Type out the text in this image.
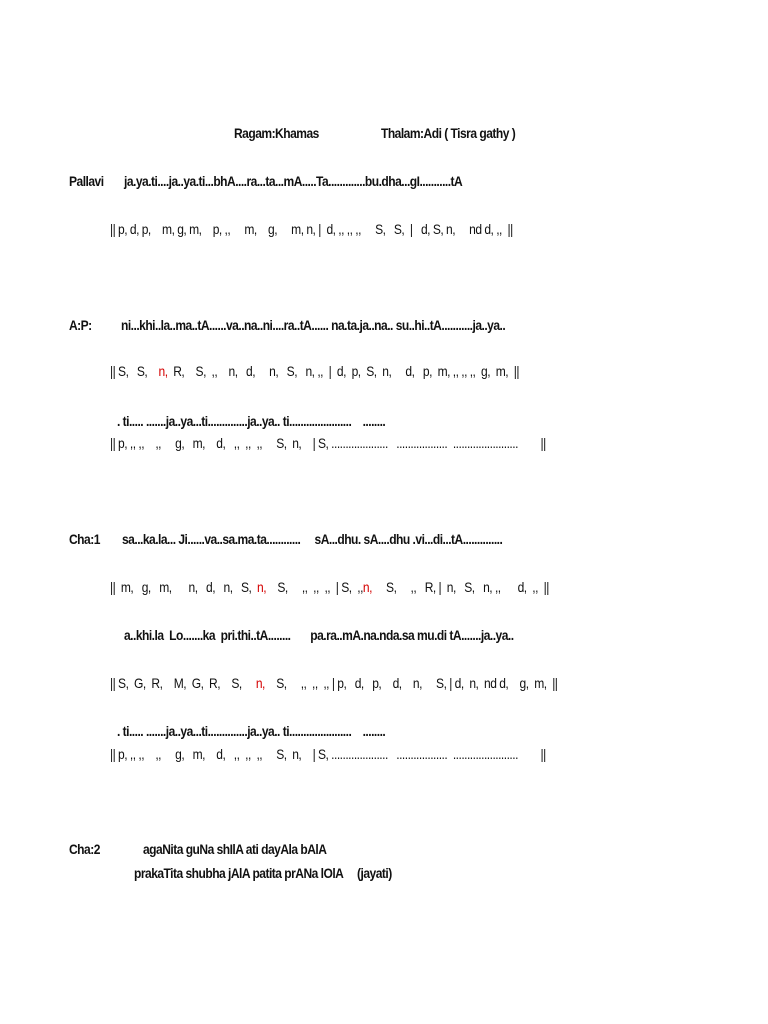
Ragam:Khamas	Thalam:Adi ( Tisra gathy )
Pallavi ja.ya.ti....ja..ya.ti...bhA....ra...ta...mA.....Ta.............bu.dha...gI...........tA
|| p, d, p,    m, g, m,    p, ,,     m,    g,     m, n, |  d, ,, ,, ,,     S,   S,  |   d, S, n,     nd d, ,,  ||
A:P: ni...khi..la..ma..tA......va..na..ni....ra..tA...... na.ta.ja..na.. su..hi..tA...........ja..ya..
|| S,   S,    n,  R,    S,  ,,    n,   d,     n,   S,   n, ,,  |  d,  p,  S,  n,     d,   p,  m, ,, ,, ,,  g,  m,  ||
. ti..... .......ja..ya...ti..............ja..ya.. ti......................    ........
|| p, ,, ,,    ,,     g,   m,    d,   ,,  ,,  ,,     S,  n,    | S, ....................   ..................  .......................        ||
Cha:1 sa...ka.la... Ji......va..sa.ma.ta............     sA...dhu. sA....dhu .vi...di...tA..............
||  m,   g,   m,      n,   d,   n,   S,  n,    S,     ,,  ,,  ,,  | S,  ,,n,     S,     ,,   R, |  n,   S,   n, ,,      d,  ,,  ||
a..khi.la  Lo.......ka  pri.thi..tA........       pa.ra..mA.na.nda.sa mu.di tA.......ja..ya..
|| S,  G,  R,    M,  G,  R,    S,     n,    S,     ,,  ,,  ,, | p,   d,   p,    d,    n,     S, | d,  n,  nd d,    g,  m,  ||
. ti..... .......ja..ya...ti..............ja..ya.. ti......................    ........
|| p, ,, ,,    ,,     g,   m,    d,   ,,  ,,  ,,     S,  n,    | S, ....................   ..................  .......................        ||
Cha:2	agaNita guNa shIlA ati dayAla bAlA
prakaTita shubha jAlA patita prANa lOlA     (jayati)
